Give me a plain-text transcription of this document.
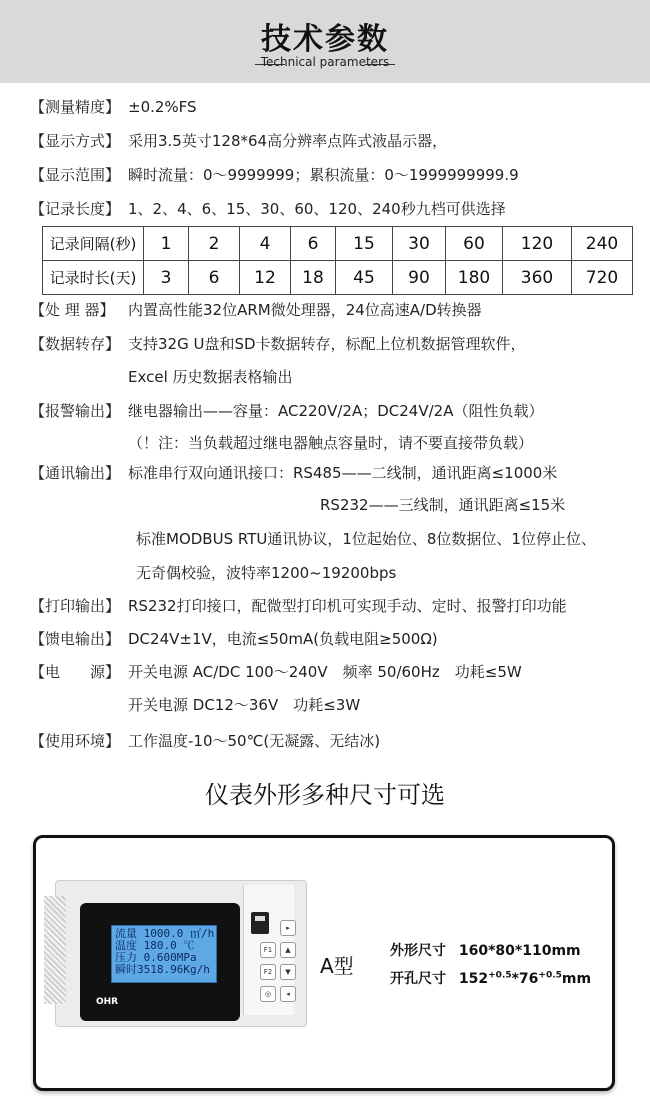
技术参数
Technical parameters
【测量精度】 ±0.2%FS
【显示方式】 采用3.5英寸128*64高分辨率点阵式液晶示器，
【显示范围】 瞬时流量：0～9999999；累积流量：0～1999999999.9
【记录长度】 1、2、4、6、15、30、60、120、240秒九档可供选择
记录间隔(秒)	1	2	4	6	15	30	60	120	240
记录时长(天)	3	6	12	18	45	90	180	360	720
【处 理 器】 内置高性能32位ARM微处理器，24位高速A/D转换器
【数据转存】 支持32G U盘和SD卡数据转存，标配上位机数据管理软件，
Excel 历史数据表格输出
【报警输出】 继电器输出——容量：AC220V/2A；DC24V/2A（阻性负载）
（！注：当负载超过继电器触点容量时，请不要直接带负载）
【通讯输出】 标准串行双向通讯接口：RS485——二线制，通讯距离≤1000米
RS232——三线制，通讯距离≤15米
标准MODBUS RTU通讯协议，1位起始位、8位数据位、1位停止位、
无奇偶校验，波特率1200~19200bps
【打印输出】 RS232打印接口，配微型打印机可实现手动、定时、报警打印功能
【馈电输出】 DC24V±1V，电流≤50mA(负载电阻≥500Ω)
【电　　源】 开关电源 AC/DC 100～240V　频率 50/60Hz　功耗≤5W
开关电源 DC12～36V　功耗≤3W
【使用环境】 工作温度-10～50℃(无凝露、无结冰)
仪表外形多种尺寸可选
流量 1000.0 ㎡/h
温度 180.0 ℃
压力 0.600MPa
瞬时3518.96Kg/h
OHR
▸
F1	▲
F2	▼
◎	◂
A型
外形尺寸 160*80*110mm
开孔尺寸 $152^{+0.5}*76^{+0.5}mm$
